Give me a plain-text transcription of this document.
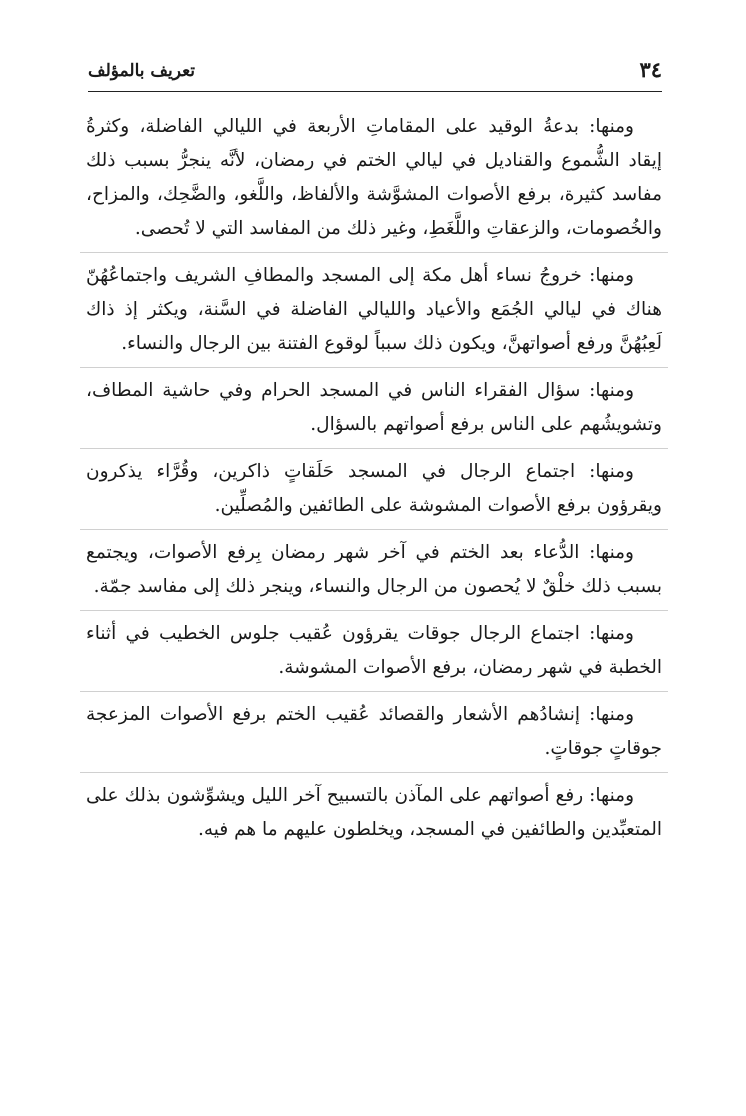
٣٤
تعريف بالمؤلف

ومنها: بدعةُ الوقيد على المقاماتِ الأربعة في الليالي الفاضلة، وكثرةُ إيقاد الشُّموع والقناديل في ليالي الختم في رمضان، لأنَّه ينجرُّ بسبب ذلك مفاسد كثيرة، برفع الأصوات المشوَّشة والألفاظ، واللَّغو، والضَّحِك، والمزاح، والخُصومات، والزعقاتِ واللَّغَطِ، وغير ذلك من المفاسد التي لا تُحصى.

ومنها: خروجُ نساء أهل مكة إلى المسجد والمطافِ الشريف واجتماعُهُنّ هناك في ليالي الجُمَع والأعياد والليالي الفاضلة في السَّنة، ويكثر إذ ذاك لَعِبُهُنَّ ورفع أصواتهنَّ، ويكون ذلك سبباً لوقوع الفتنة بين الرجال والنساء.

ومنها: سؤال الفقراء الناس في المسجد الحرام وفي حاشية المطاف، وتشويشُهم على الناس برفع أصواتهم بالسؤال.

ومنها: اجتماع الرجال في المسجد حَلَقاتٍ ذاكرين، وقُرَّاء يذكرون ويقرؤون برفع الأصوات المشوشة على الطائفين والمُصلِّين.

ومنها: الدُّعاء بعد الختم في آخر شهر رمضان بِرفع الأصوات، ويجتمع بسبب ذلك خلْقٌ لا يُحصون من الرجال والنساء، وينجر ذلك إلى مفاسد جمّة.

ومنها: اجتماع الرجال جوقات يقرؤون عُقيب جلوس الخطيب في أثناء الخطبة في شهر رمضان، برفع الأصوات المشوشة.

ومنها: إنشادُهم الأشعار والقصائد عُقيب الختم برفع الأصوات المزعجة جوقاتٍ جوقاتٍ.

ومنها: رفع أصواتهم على المآذن بالتسبيح آخر الليل ويشوِّشون بذلك على المتعبِّدين والطائفين في المسجد، ويخلطون عليهم ما هم فيه.
